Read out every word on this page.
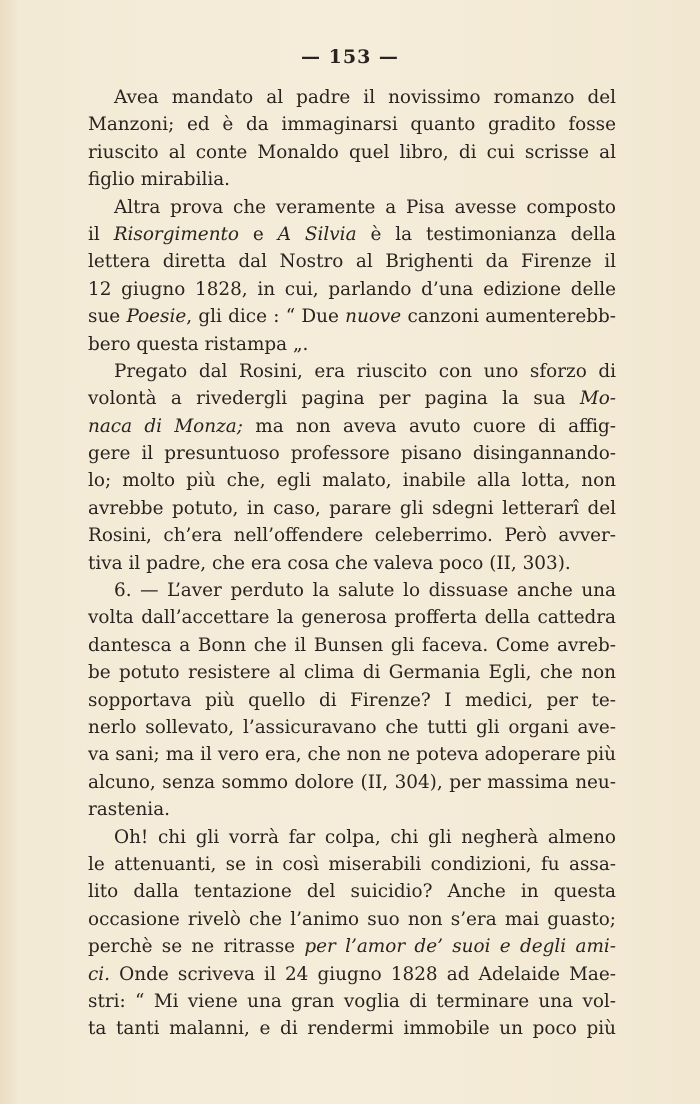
— 153 —
Avea mandato al padre il novissimo romanzo del
Manzoni; ed è da immaginarsi quanto gradito fosse
riuscito al conte Monaldo quel libro, di cui scrisse al
figlio mirabilia.
Altra prova che veramente a Pisa avesse composto
il Risorgimento e A Silvia è la testimonianza della
lettera diretta dal Nostro al Brighenti da Firenze il
12 giugno 1828, in cui, parlando d’una edizione delle
sue Poesie, gli dice : “ Due nuove canzoni aumenterebb-
bero questa ristampa „.
Pregato dal Rosini, era riuscito con uno sforzo di
volontà a rivedergli pagina per pagina la sua Mo-
naca di Monza; ma non aveva avuto cuore di affig-
gere il presuntuoso professore pisano disingannando-
lo; molto più che, egli malato, inabile alla lotta, non
avrebbe potuto, in caso, parare gli sdegni letterarî del
Rosini, ch’era nell’offendere celeberrimo. Però avver-
tiva il padre, che era cosa che valeva poco (II, 303).
6. — L’aver perduto la salute lo dissuase anche una
volta dall’accettare la generosa profferta della cattedra
dantesca a Bonn che il Bunsen gli faceva. Come avreb-
be potuto resistere al clima di Germania Egli, che non
sopportava più quello di Firenze? I medici, per te-
nerlo sollevato, l’assicuravano che tutti gli organi ave-
va sani; ma il vero era, che non ne poteva adoperare più
alcuno, senza sommo dolore (II, 304), per massima neu-
rastenia.
Oh! chi gli vorrà far colpa, chi gli negherà almeno
le attenuanti, se in così miserabili condizioni, fu assa-
lito dalla tentazione del suicidio? Anche in questa
occasione rivelò che l’animo suo non s’era mai guasto;
perchè se ne ritrasse per l’amor de’ suoi e degli ami-
ci. Onde scriveva il 24 giugno 1828 ad Adelaide Mae-
stri: “ Mi viene una gran voglia di terminare una vol-
ta tanti malanni, e di rendermi immobile un poco più
